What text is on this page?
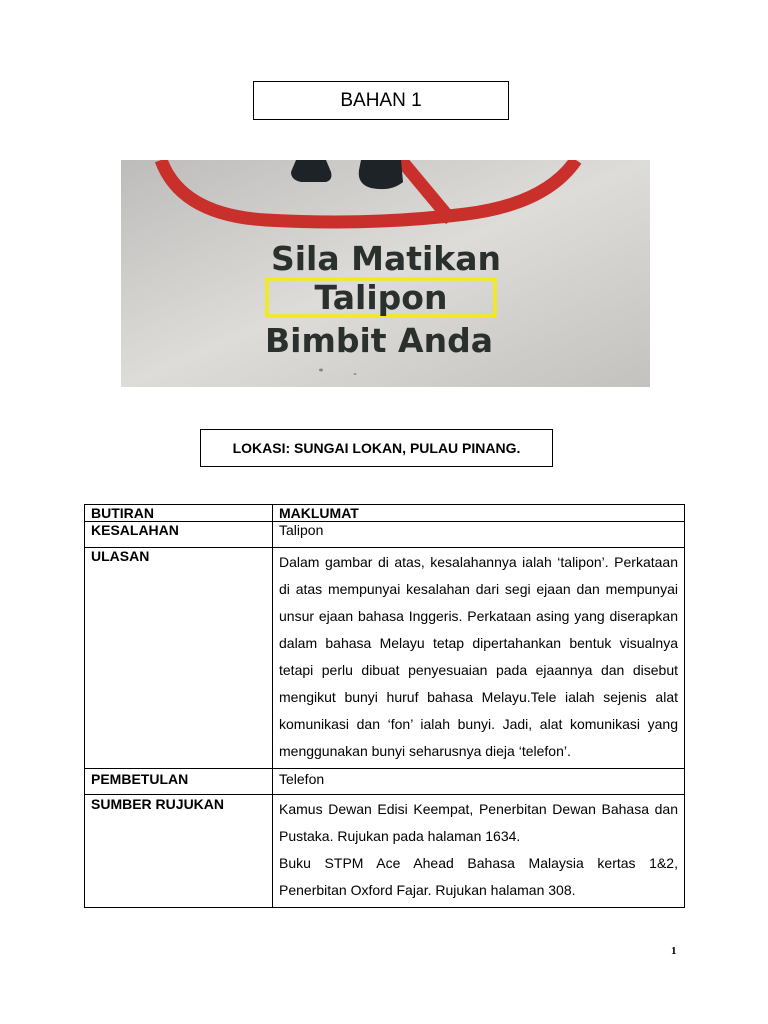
BAHAN 1
Sila Matikan
Talipon
Bimbit Anda
LOKASI: SUNGAI LOKAN, PULAU PINANG.
BUTIRAN	MAKLUMAT
KESALAHAN	Talipon
ULASAN	Dalam gambar di atas, kesalahannya ialah ‘talipon’. Perkataan di atas mempunyai kesalahan dari segi ejaan dan mempunyai unsur ejaan bahasa Inggeris. Perkataan asing yang diserapkan dalam bahasa Melayu tetap dipertahankan bentuk visualnya tetapi perlu dibuat penyesuaian pada ejaannya dan disebut mengikut bunyi huruf bahasa Melayu.Tele ialah sejenis alat komunikasi dan ‘fon’ ialah bunyi. Jadi, alat komunikasi yang menggunakan bunyi seharusnya dieja ‘telefon’.

PEMBETULAN	Telefon
SUMBER RUJUKAN	Kamus Dewan Edisi Keempat, Penerbitan Dewan Bahasa dan Pustaka. Rujukan pada halaman 1634.

Buku STPM Ace Ahead Bahasa Malaysia kertas 1&2, Penerbitan Oxford Fajar. Rujukan halaman 308.

1
